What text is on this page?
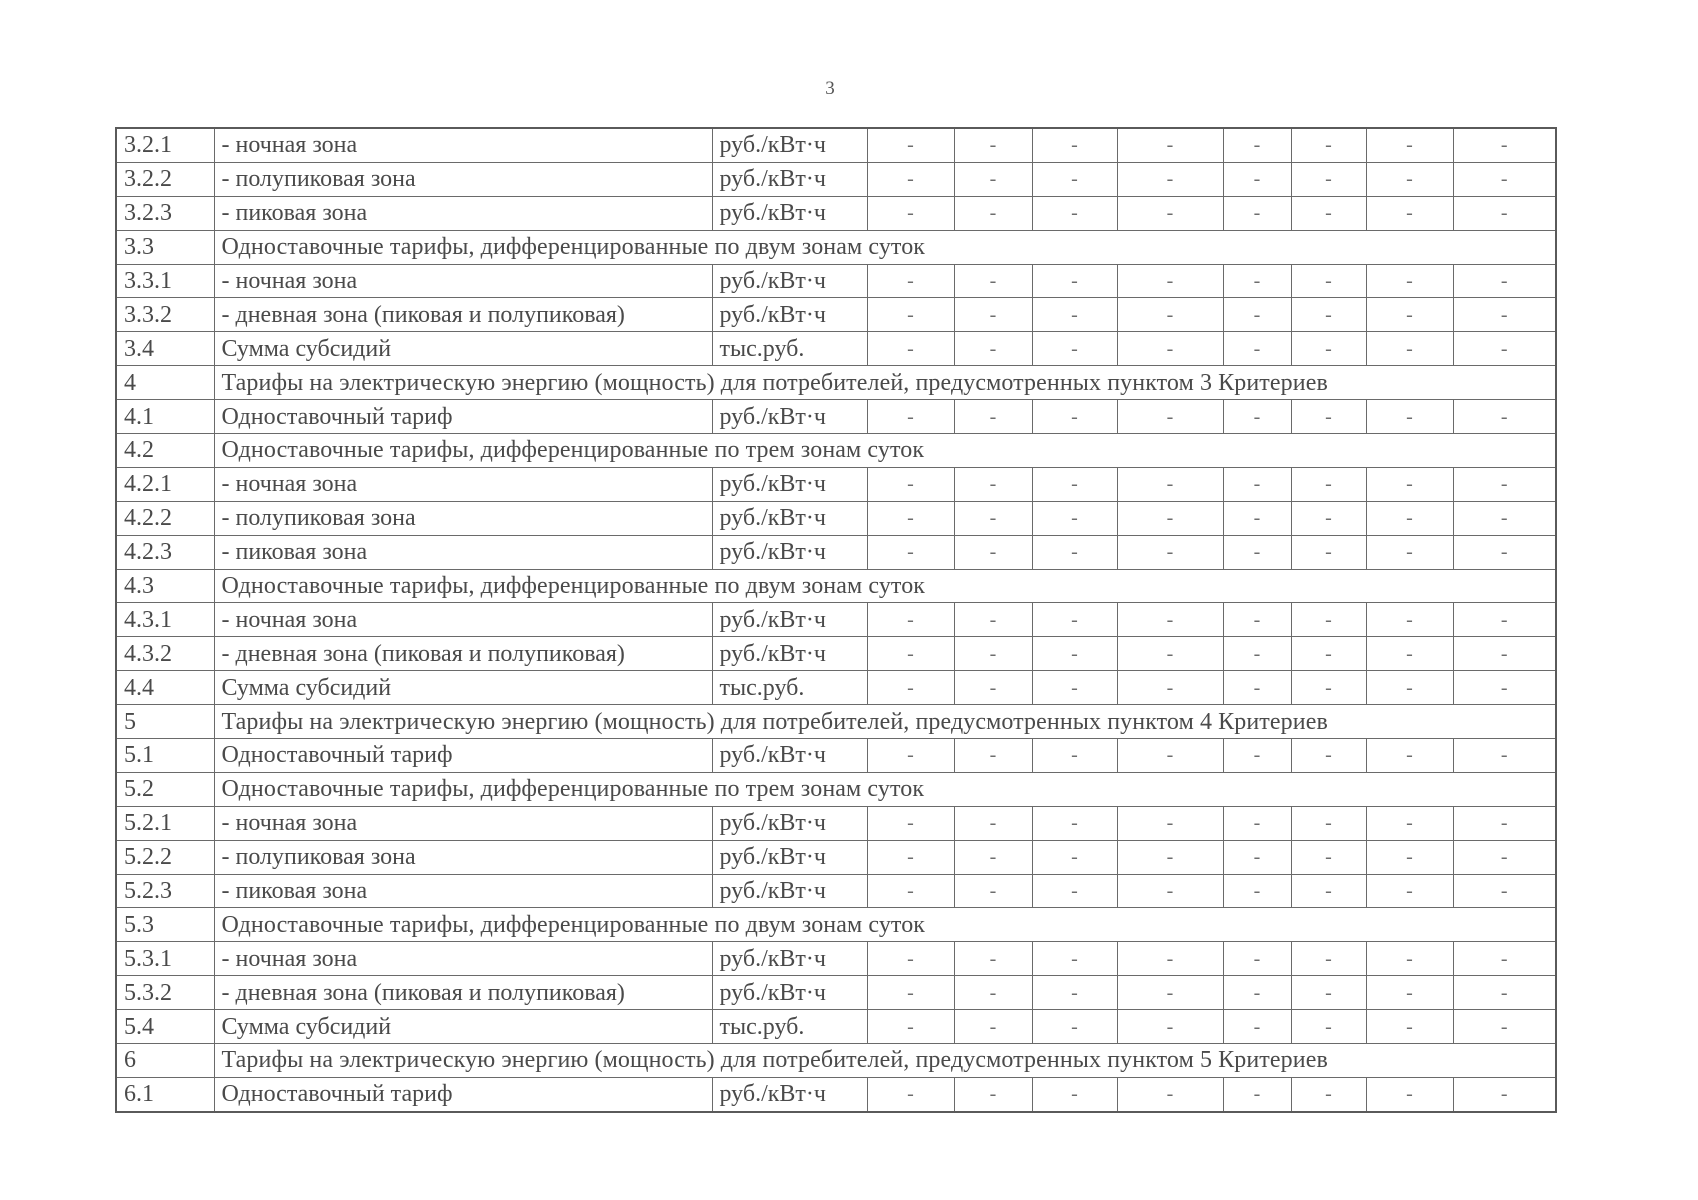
3
3.2.1	- ночная зона	руб./кВт·ч	-	-	-	-	-	-	-	-
3.2.2	- полупиковая зона	руб./кВт·ч	-	-	-	-	-	-	-	-
3.2.3	- пиковая зона	руб./кВт·ч	-	-	-	-	-	-	-	-
3.3	Одноставочные тарифы, дифференцированные по двум зонам суток									
3.3.1	- ночная зона	руб./кВт·ч	-	-	-	-	-	-	-	-
3.3.2	- дневная зона (пиковая и полупиковая)	руб./кВт·ч	-	-	-	-	-	-	-	-
3.4	Сумма субсидий	тыс.руб.	-	-	-	-	-	-	-	-
4	Тарифы на электрическую энергию (мощность) для потребителей, предусмотренных пунктом 3 Критериев									
4.1	Одноставочный тариф	руб./кВт·ч	-	-	-	-	-	-	-	-
4.2	Одноставочные тарифы, дифференцированные по трем зонам суток									
4.2.1	- ночная зона	руб./кВт·ч	-	-	-	-	-	-	-	-
4.2.2	- полупиковая зона	руб./кВт·ч	-	-	-	-	-	-	-	-
4.2.3	- пиковая зона	руб./кВт·ч	-	-	-	-	-	-	-	-
4.3	Одноставочные тарифы, дифференцированные по двум зонам суток									
4.3.1	- ночная зона	руб./кВт·ч	-	-	-	-	-	-	-	-
4.3.2	- дневная зона (пиковая и полупиковая)	руб./кВт·ч	-	-	-	-	-	-	-	-
4.4	Сумма субсидий	тыс.руб.	-	-	-	-	-	-	-	-
5	Тарифы на электрическую энергию (мощность) для потребителей, предусмотренных пунктом 4 Критериев									
5.1	Одноставочный тариф	руб./кВт·ч	-	-	-	-	-	-	-	-
5.2	Одноставочные тарифы, дифференцированные по трем зонам суток									
5.2.1	- ночная зона	руб./кВт·ч	-	-	-	-	-	-	-	-
5.2.2	- полупиковая зона	руб./кВт·ч	-	-	-	-	-	-	-	-
5.2.3	- пиковая зона	руб./кВт·ч	-	-	-	-	-	-	-	-
5.3	Одноставочные тарифы, дифференцированные по двум зонам суток									
5.3.1	- ночная зона	руб./кВт·ч	-	-	-	-	-	-	-	-
5.3.2	- дневная зона (пиковая и полупиковая)	руб./кВт·ч	-	-	-	-	-	-	-	-
5.4	Сумма субсидий	тыс.руб.	-	-	-	-	-	-	-	-
6	Тарифы на электрическую энергию (мощность) для потребителей, предусмотренных пунктом 5 Критериев									
6.1	Одноставочный тариф	руб./кВт·ч	-	-	-	-	-	-	-	-
